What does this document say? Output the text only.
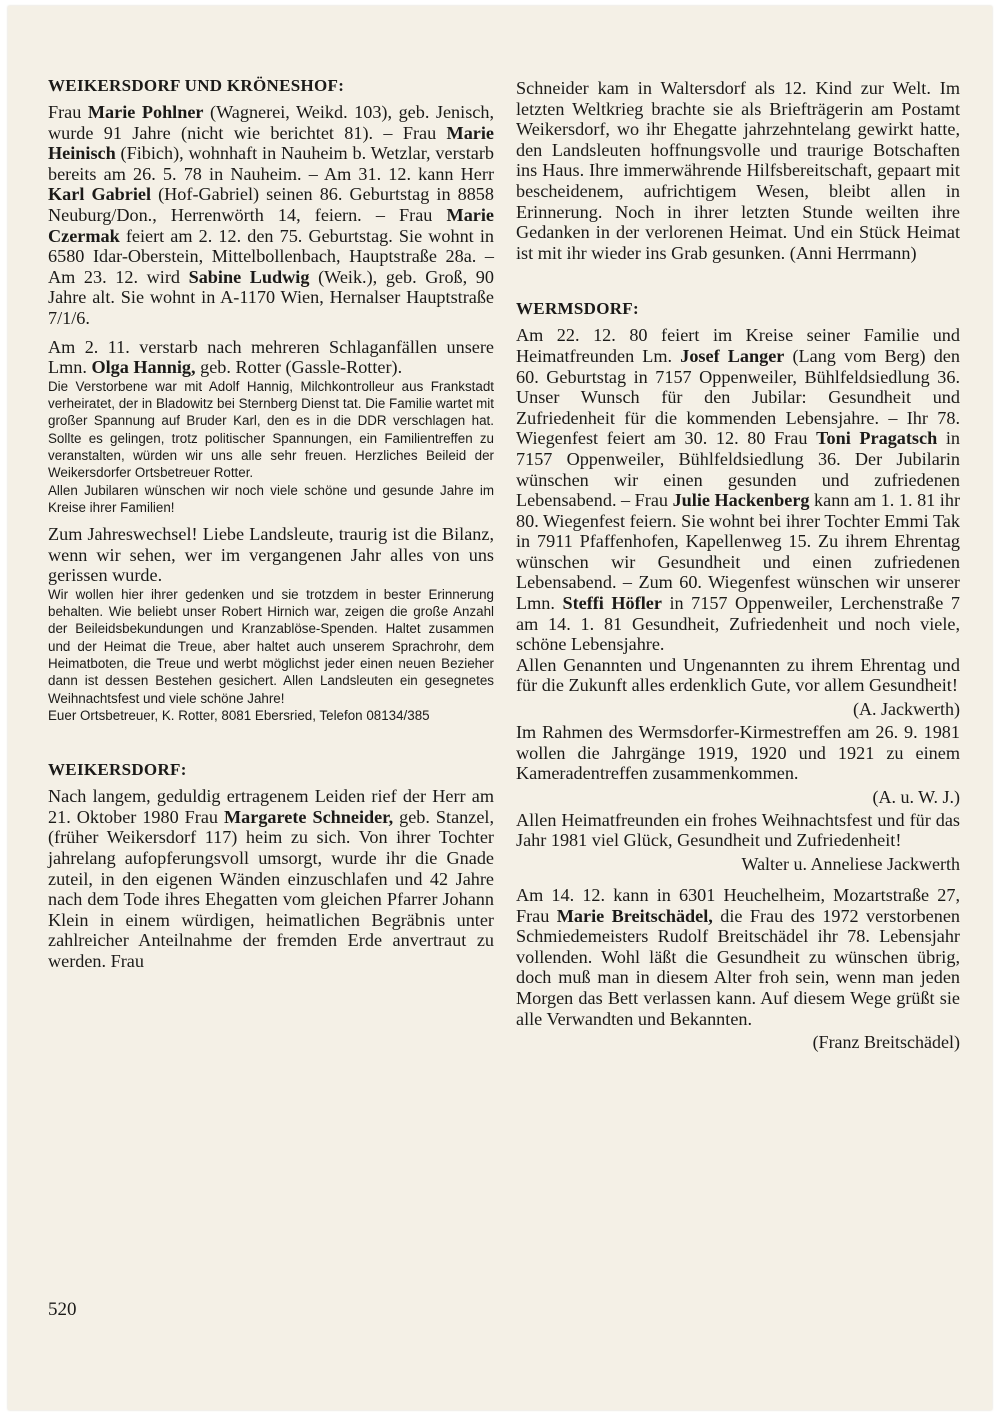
WEIKERSDORF UND KRÖNESHOF:

Frau Marie Pohlner (Wagnerei, Weikd. 103), geb. Jenisch, wurde 91 Jahre (nicht wie berichtet 81). – Frau Marie Heinisch (Fibich), wohnhaft in Nauheim b. Wetzlar, verstarb bereits am 26. 5. 78 in Nauheim. – Am 31. 12. kann Herr Karl Gabriel (Hof-Gabriel) seinen 86. Geburtstag in 8858 Neuburg/Don., Herrenwörth 14, feiern. – Frau Marie Czermak feiert am 2. 12. den 75. Geburtstag. Sie wohnt in 6580 Idar-Oberstein, Mittelbollenbach, Hauptstraße 28a. – Am 23. 12. wird Sabine Ludwig (Weik.), geb. Groß, 90 Jahre alt. Sie wohnt in A-1170 Wien, Hernalser Hauptstraße 7/1/6.

Am 2. 11. verstarb nach mehreren Schlaganfällen unsere Lmn. Olga Hannig, geb. Rotter (Gassle-Rotter).

Die Verstorbene war mit Adolf Hannig, Milchkontrolleur aus Frankstadt verheiratet, der in Bladowitz bei Sternberg Dienst tat. Die Familie wartet mit großer Spannung auf Bruder Karl, den es in die DDR verschlagen hat. Sollte es gelingen, trotz politischer Spannungen, ein Familientreffen zu veranstalten, würden wir uns alle sehr freuen. Herzliches Beileid der Weikersdorfer Ortsbetreuer Rotter.

Allen Jubilaren wünschen wir noch viele schöne und gesunde Jahre im Kreise ihrer Familien!

Zum Jahreswechsel! Liebe Landsleute, traurig ist die Bilanz, wenn wir sehen, wer im vergangenen Jahr alles von uns gerissen wurde.

Wir wollen hier ihrer gedenken und sie trotzdem in bester Erinnerung behalten. Wie beliebt unser Robert Hirnich war, zeigen die große Anzahl der Beileidsbekundungen und Kranzablöse-Spenden. Haltet zusammen und der Heimat die Treue, aber haltet auch unserem Sprachrohr, dem Heimatboten, die Treue und werbt möglichst jeder einen neuen Bezieher dann ist dessen Bestehen gesichert. Allen Landsleuten ein gesegnetes Weihnachtsfest und viele schöne Jahre!

Euer Ortsbetreuer, K. Rotter, 8081 Ebersried, Telefon 08134/385

WEIKERSDORF:

Nach langem, geduldig ertragenem Leiden rief der Herr am 21. Oktober 1980 Frau Margarete Schneider, geb. Stanzel, (früher Weikersdorf 117) heim zu sich. Von ihrer Tochter jahrelang aufopferungsvoll umsorgt, wurde ihr die Gnade zuteil, in den eigenen Wänden einzuschlafen und 42 Jahre nach dem Tode ihres Ehegatten vom gleichen Pfarrer Johann Klein in einem würdigen, heimatlichen Begräbnis unter zahlreicher Anteilnahme der fremden Erde anvertraut zu werden. Frau

Schneider kam in Waltersdorf als 12. Kind zur Welt. Im letzten Weltkrieg brachte sie als Briefträgerin am Postamt Weikersdorf, wo ihr Ehegatte jahrzehntelang gewirkt hatte, den Landsleuten hoffnungsvolle und traurige Botschaften ins Haus. Ihre immerwährende Hilfsbereitschaft, gepaart mit bescheidenem, aufrichtigem Wesen, bleibt allen in Erinnerung. Noch in ihrer letzten Stunde weilten ihre Gedanken in der verlorenen Heimat. Und ein Stück Heimat ist mit ihr wieder ins Grab gesunken. (Anni Herrmann)

WERMSDORF:

Am 22. 12. 80 feiert im Kreise seiner Familie und Heimatfreunden Lm. Josef Langer (Lang vom Berg) den 60. Geburtstag in 7157 Oppenweiler, Bühlfeldsiedlung 36. Unser Wunsch für den Jubilar: Gesundheit und Zufriedenheit für die kommenden Lebensjahre. – Ihr 78. Wiegenfest feiert am 30. 12. 80 Frau Toni Pragatsch in 7157 Oppenweiler, Bühlfeldsiedlung 36. Der Jubilarin wünschen wir einen gesunden und zufriedenen Lebensabend. – Frau Julie Hackenberg kann am 1. 1. 81 ihr 80. Wiegenfest feiern. Sie wohnt bei ihrer Tochter Emmi Tak in 7911 Pfaffenhofen, Kapellenweg 15. Zu ihrem Ehrentag wünschen wir Gesundheit und einen zufriedenen Lebensabend. – Zum 60. Wiegenfest wünschen wir unserer Lmn. Steffi Höfler in 7157 Oppenweiler, Lerchenstraße 7 am 14. 1. 81 Gesundheit, Zufriedenheit und noch viele, schöne Lebensjahre.

Allen Genannten und Ungenannten zu ihrem Ehrentag und für die Zukunft alles erdenklich Gute, vor allem Gesundheit!

(A. Jackwerth)

Im Rahmen des Wermsdorfer-Kirmestreffen am 26. 9. 1981 wollen die Jahrgänge 1919, 1920 und 1921 zu einem Kameradentreffen zusammenkommen.

(A. u. W. J.)

Allen Heimatfreunden ein frohes Weihnachtsfest und für das Jahr 1981 viel Glück, Gesundheit und Zufriedenheit!

Walter u. Anneliese Jackwerth

Am 14. 12. kann in 6301 Heuchelheim, Mozartstraße 27, Frau Marie Breitschädel, die Frau des 1972 verstorbenen Schmiedemeisters Rudolf Breitschädel ihr 78. Lebensjahr vollenden. Wohl läßt die Gesundheit zu wünschen übrig, doch muß man in diesem Alter froh sein, wenn man jeden Morgen das Bett verlassen kann. Auf diesem Wege grüßt sie alle Verwandten und Bekannten.

(Franz Breitschädel)

520
